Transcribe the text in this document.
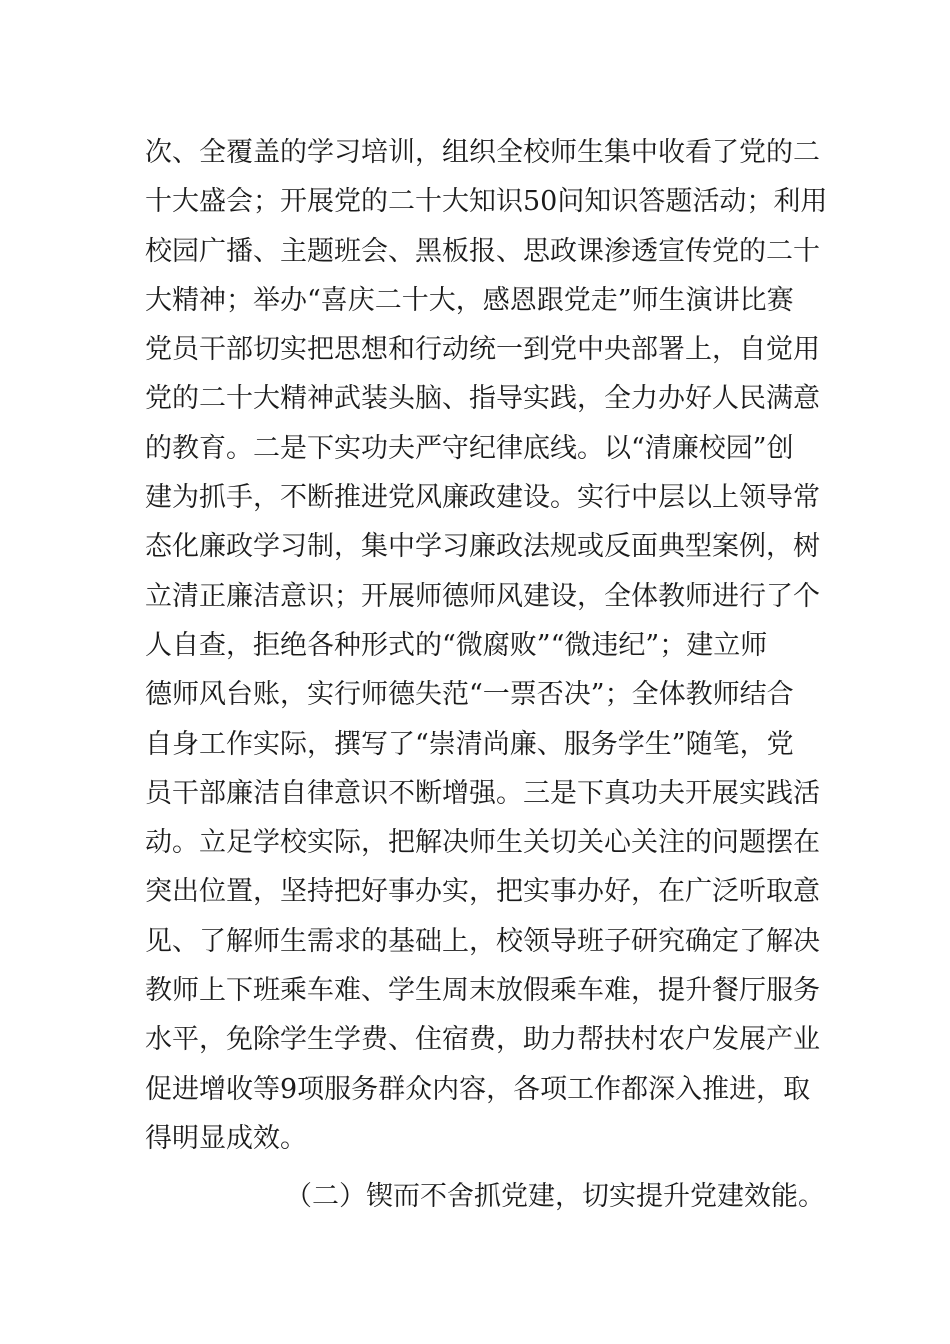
次、全覆盖的学习培训，组织全校师生集中收看了党的二
十大盛会；开展党的二十大知识50问知识答题活动；利用
校园广播、主题班会、黑板报、思政课渗透宣传党的二十
大精神；举办“喜庆二十大，感恩跟党走”师生演讲比赛
党员干部切实把思想和行动统一到党中央部署上，自觉用
党的二十大精神武装头脑、指导实践，全力办好人民满意
的教育。二是下实功夫严守纪律底线。以“清廉校园”创
建为抓手，不断推进党风廉政建设。实行中层以上领导常
态化廉政学习制，集中学习廉政法规或反面典型案例，树
立清正廉洁意识；开展师德师风建设，全体教师进行了个
人自查，拒绝各种形式的“微腐败”“微违纪”；建立师
德师风台账，实行师德失范“一票否决”；全体教师结合
自身工作实际，撰写了“崇清尚廉、服务学生”随笔，党
员干部廉洁自律意识不断增强。三是下真功夫开展实践活
动。立足学校实际，把解决师生关切关心关注的问题摆在
突出位置，坚持把好事办实，把实事办好，在广泛听取意
见、了解师生需求的基础上，校领导班子研究确定了解决
教师上下班乘车难、学生周末放假乘车难，提升餐厅服务
水平，免除学生学费、住宿费，助力帮扶村农户发展产业
促进增收等9项服务群众内容，各项工作都深入推进，取
得明显成效。

（二）锲而不舍抓党建，切实提升党建效能。
